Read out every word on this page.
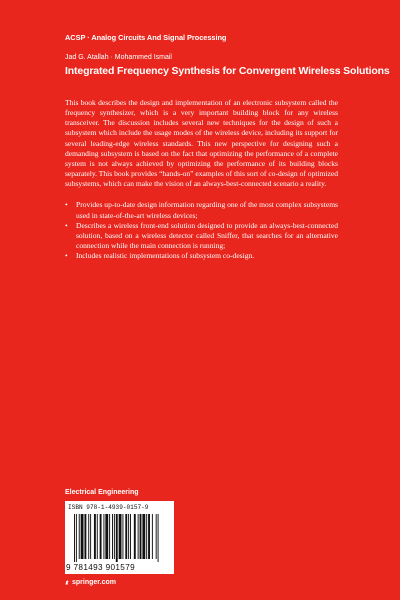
ACSP · Analog Circuits And Signal Processing
Jad G. Atallah · Mohammed Ismail
Integrated Frequency Synthesis for Convergent Wireless Solutions

This book describes the design and implementation of an electronic subsystem called the frequency synthesizer, which is a very important building block for any wireless transceiver. The discussion includes several new techniques for the design of such a subsystem which include the usage modes of the wireless device, including its support for several leading-edge wireless standards. This new perspective for designing such a demanding subsystem is based on the fact that optimizing the performance of a complete system is not always achieved by optimizing the performance of its building blocks separately. This book provides “hands-on” examples of this sort of co-design of optimized subsystems, which can make the vision of an always-best-connected scenario a reality.

• Provides up-to-date design information regarding one of the most complex subsystems used in state-of-the-art wireless devices;
• Describes a wireless front-end solution designed to provide an always-best-connected solution, based on a wireless detector called Sniffer, that searches for an alternative connection while the main connection is running;
• Includes realistic implementations of subsystem co-design.
Electrical Engineering
ISBN 978-1-4939-0157-9
9 781493 901579
springer.com
